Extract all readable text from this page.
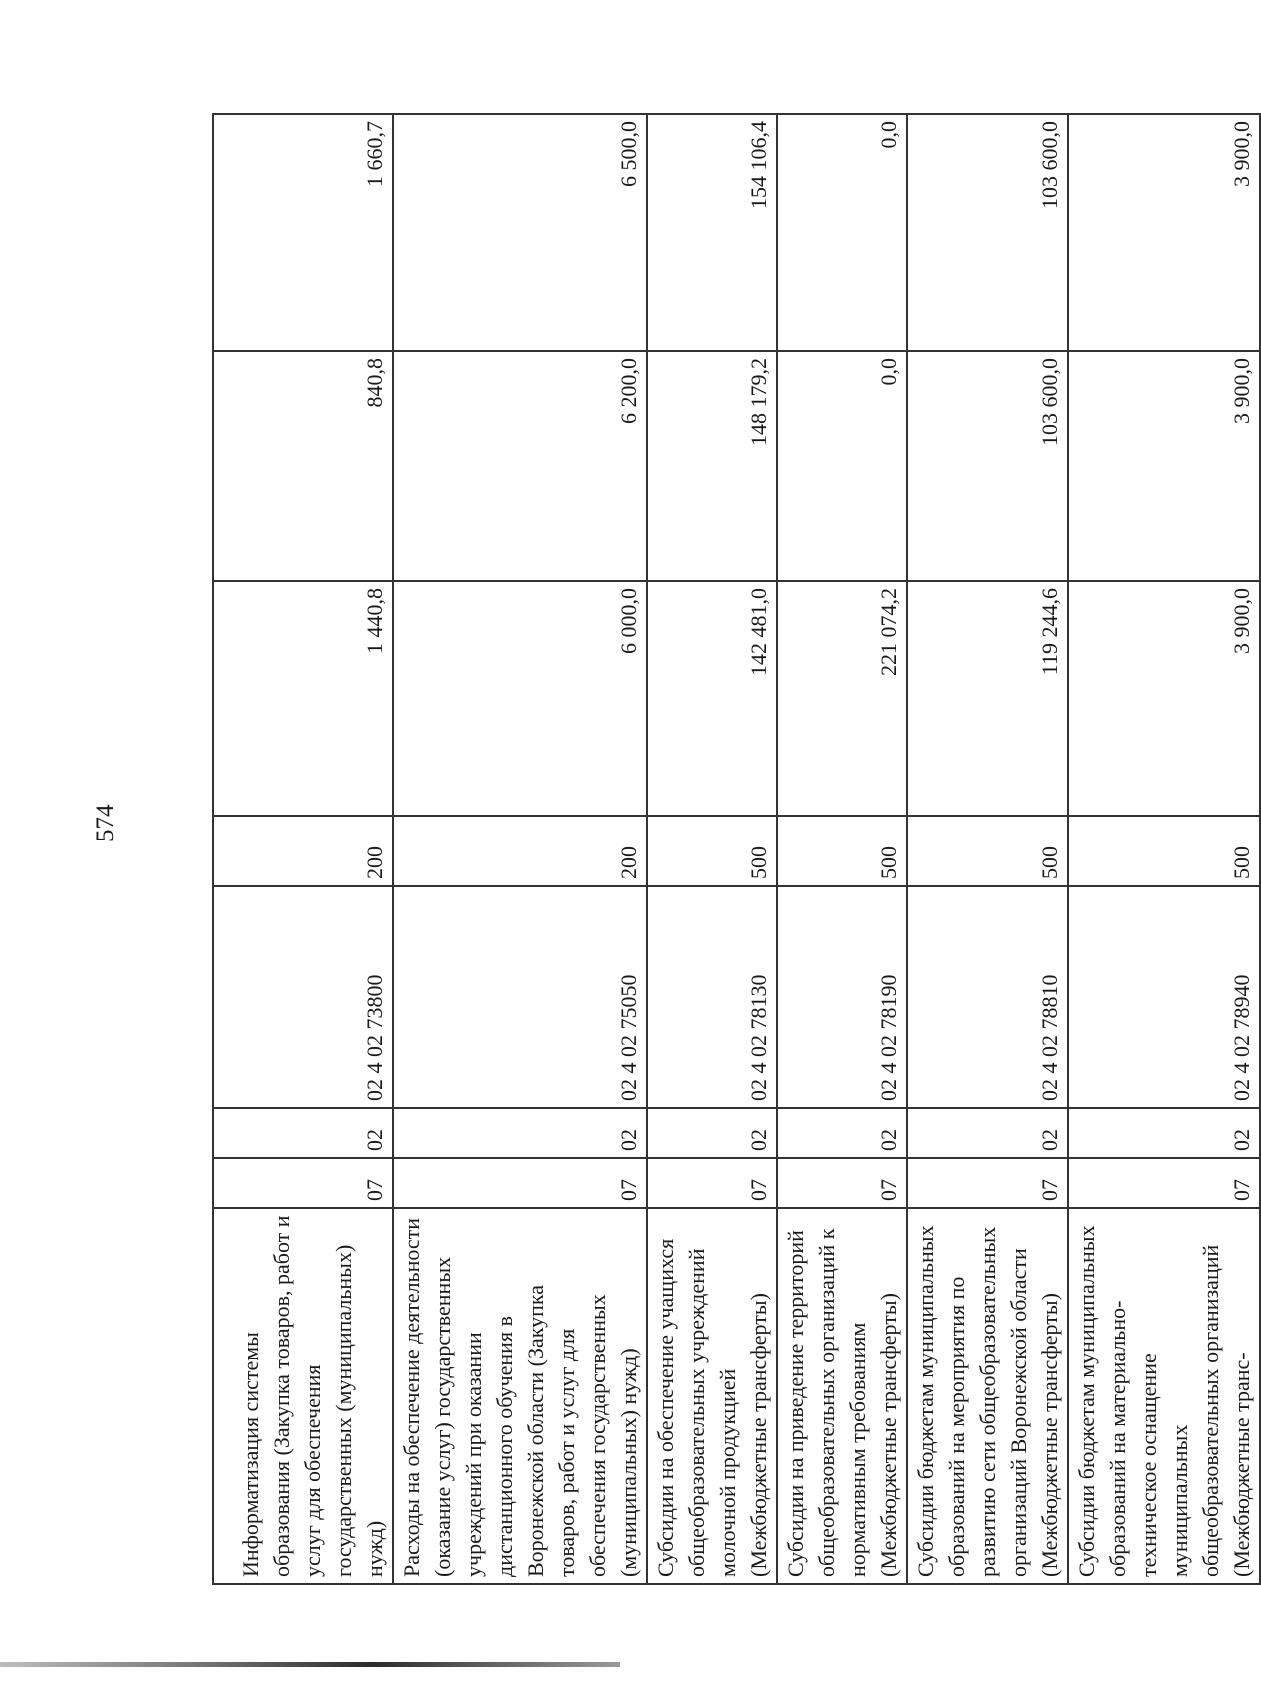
574
Информатизация системы образования (Закупка товаров, работ и услуг для обеспечения государственных (муниципальных) нужд)	07	02	02 4 02 73800	200	1 440,8	840,8	1 660,7

Расходы на обеспечение деятельности (оказание услуг) государственных учреждений при оказании дистанционного обучения в Воронежской области (Закупка товаров, работ и услуг для обеспечения государственных (муниципальных) нужд)	07	02	02 4 02 75050	200	6 000,0	6 200,0	6 500,0

Субсидии на обеспечение учащихся общеобразовательных учреждений молочной продукцией (Межбюджетные трансферты)	07	02	02 4 02 78130	500	142 481,0	148 179,2	154 106,4

Субсидии на приведение территорий общеобразовательных организаций к нормативным требованиям (Межбюджетные трансферты)	07	02	02 4 02 78190	500	221 074,2	0,0	0,0

Субсидии бюджетам муниципальных образований на мероприятия по развитию сети общеобразовательных организаций Воронежской области (Межбюджетные трансферты)	07	02	02 4 02 78810	500	119 244,6	103 600,0	103 600,0

Субсидии бюджетам муниципальных образований на материально-техническое оснащение муниципальных общеобразовательных организаций (Межбюджетные транс-	07	02	02 4 02 78940	500	3 900,0	3 900,0	3 900,0
